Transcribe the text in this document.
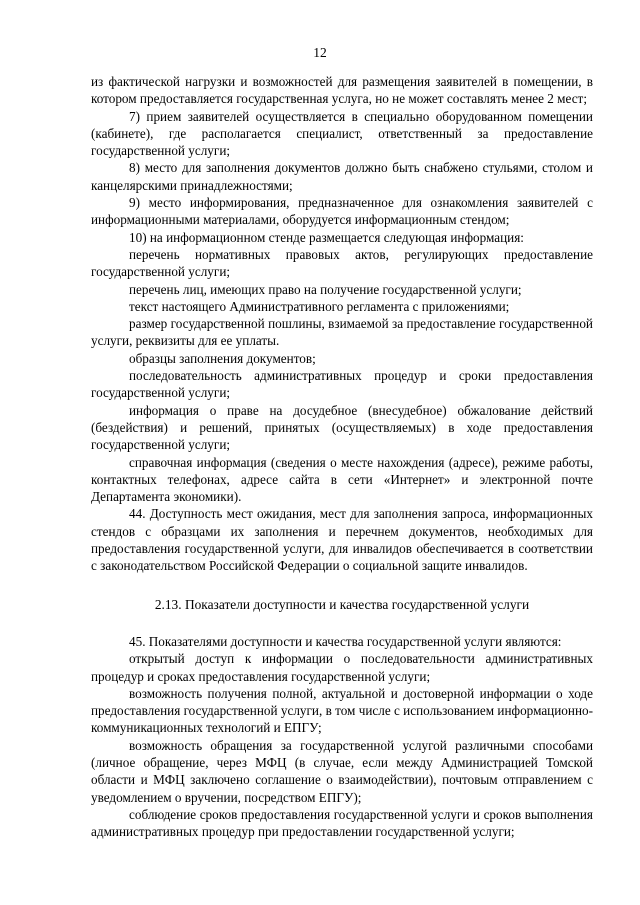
12

из фактической нагрузки и возможностей для размещения заявителей в помещении, в котором предоставляется государственная услуга, но не может составлять менее 2 мест;

7) прием заявителей осуществляется в специально оборудованном помещении (кабинете), где располагается специалист, ответственный за предоставление государственной услуги;

8) место для заполнения документов должно быть снабжено стульями, столом и канцелярскими принадлежностями;

9) место информирования, предназначенное для ознакомления заявителей с информационными материалами, оборудуется информационным стендом;

10) на информационном стенде размещается следующая информация:

перечень нормативных правовых актов, регулирующих предоставление государственной услуги;

перечень лиц, имеющих право на получение государственной услуги;

текст настоящего Административного регламента с приложениями;

размер государственной пошлины, взимаемой за предоставление государственной услуги, реквизиты для ее уплаты.

образцы заполнения документов;

последовательность административных процедур и сроки предоставления государственной услуги;

информация о праве на досудебное (внесудебное) обжалование действий (бездействия) и решений, принятых (осуществляемых) в ходе предоставления государственной услуги;

справочная информация (сведения о месте нахождения (адресе), режиме работы, контактных телефонах, адресе сайта в сети «Интернет» и электронной почте Департамента экономики).

44. Доступность мест ожидания, мест для заполнения запроса, информационных стендов с образцами их заполнения и перечнем документов, необходимых для предоставления государственной услуги, для инвалидов обеспечивается в соответствии с законодательством Российской Федерации о социальной защите инвалидов.

2.13. Показатели доступности и качества государственной услуги

45. Показателями доступности и качества государственной услуги являются:

открытый доступ к информации о последовательности административных процедур и сроках предоставления государственной услуги;

возможность получения полной, актуальной и достоверной информации о ходе предоставления государственной услуги, в том числе с использованием информационно-коммуникационных технологий и ЕПГУ;

возможность обращения за государственной услугой различными способами (личное обращение, через МФЦ (в случае, если между Администрацией Томской области и МФЦ заключено соглашение о взаимодействии), почтовым отправлением с уведомлением о вручении, посредством ЕПГУ);

соблюдение сроков предоставления государственной услуги и сроков выполнения административных процедур при предоставлении государственной услуги;
